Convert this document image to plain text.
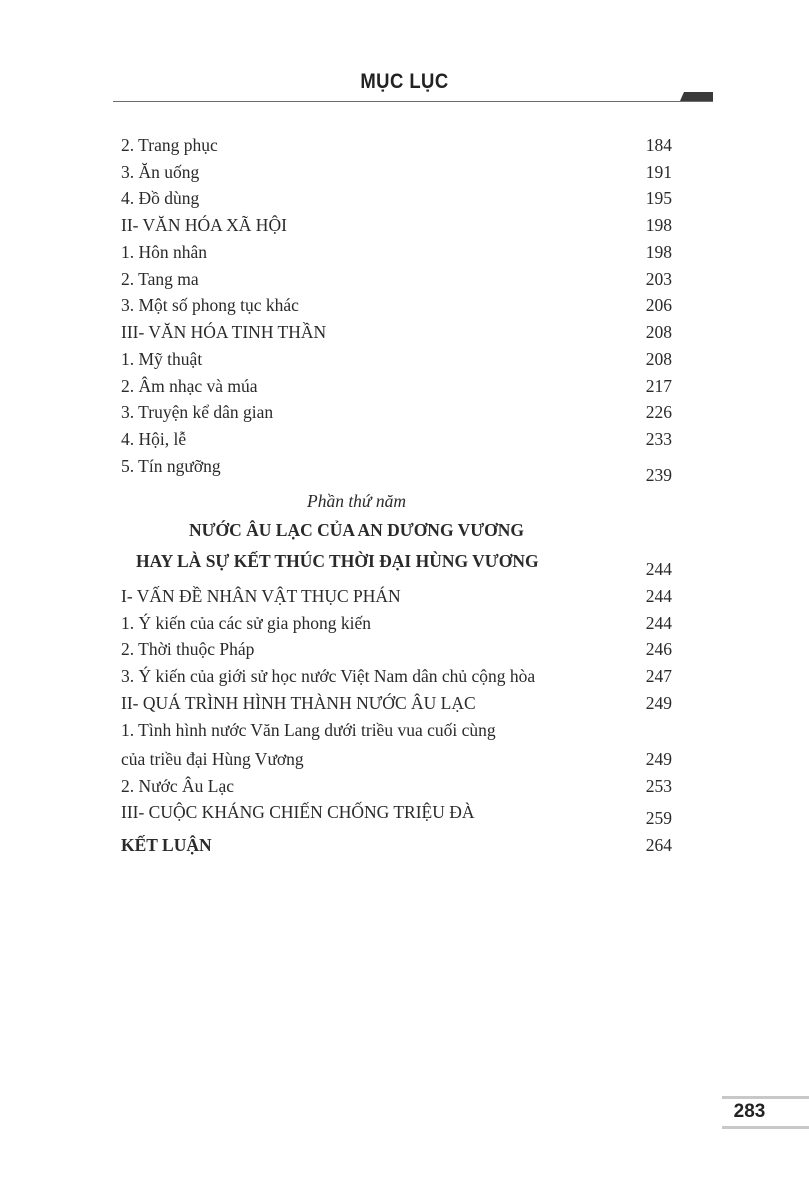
MỤC LỤC
2. Trang phục	184
3. Ăn uống	191
4. Đồ dùng	195
II- VĂN HÓA XÃ HỘI	198
1. Hôn nhân	198
2. Tang ma	203
3. Một số phong tục khác	206
III- VĂN HÓA TINH THẦN	208
1. Mỹ thuật	208
2. Âm nhạc và múa	217
3. Truyện kể dân gian	226
4. Hội, lễ	233
5. Tín ngưỡng	239
Phần thứ năm
NƯỚC ÂU LẠC CỦA AN DƯƠNG VƯƠNG
HAY LÀ SỰ KẾT THÚC THỜI ĐẠI HÙNG VƯƠNG	244
I- VẤN ĐỀ NHÂN VẬT THỤC PHÁN	244
1. Ý kiến của các sử gia phong kiến	244
2. Thời thuộc Pháp	246
3. Ý kiến của giới sử học nước Việt Nam dân chủ cộng hòa	247
II- QUÁ TRÌNH HÌNH THÀNH NƯỚC ÂU LẠC	249
1. Tình hình nước Văn Lang dưới triều vua cuối cùng
của triều đại Hùng Vương	249
2. Nước Âu Lạc	253
III- CUỘC KHÁNG CHIẾN CHỐNG TRIỆU ĐÀ	259
KẾT LUẬN	264
283
